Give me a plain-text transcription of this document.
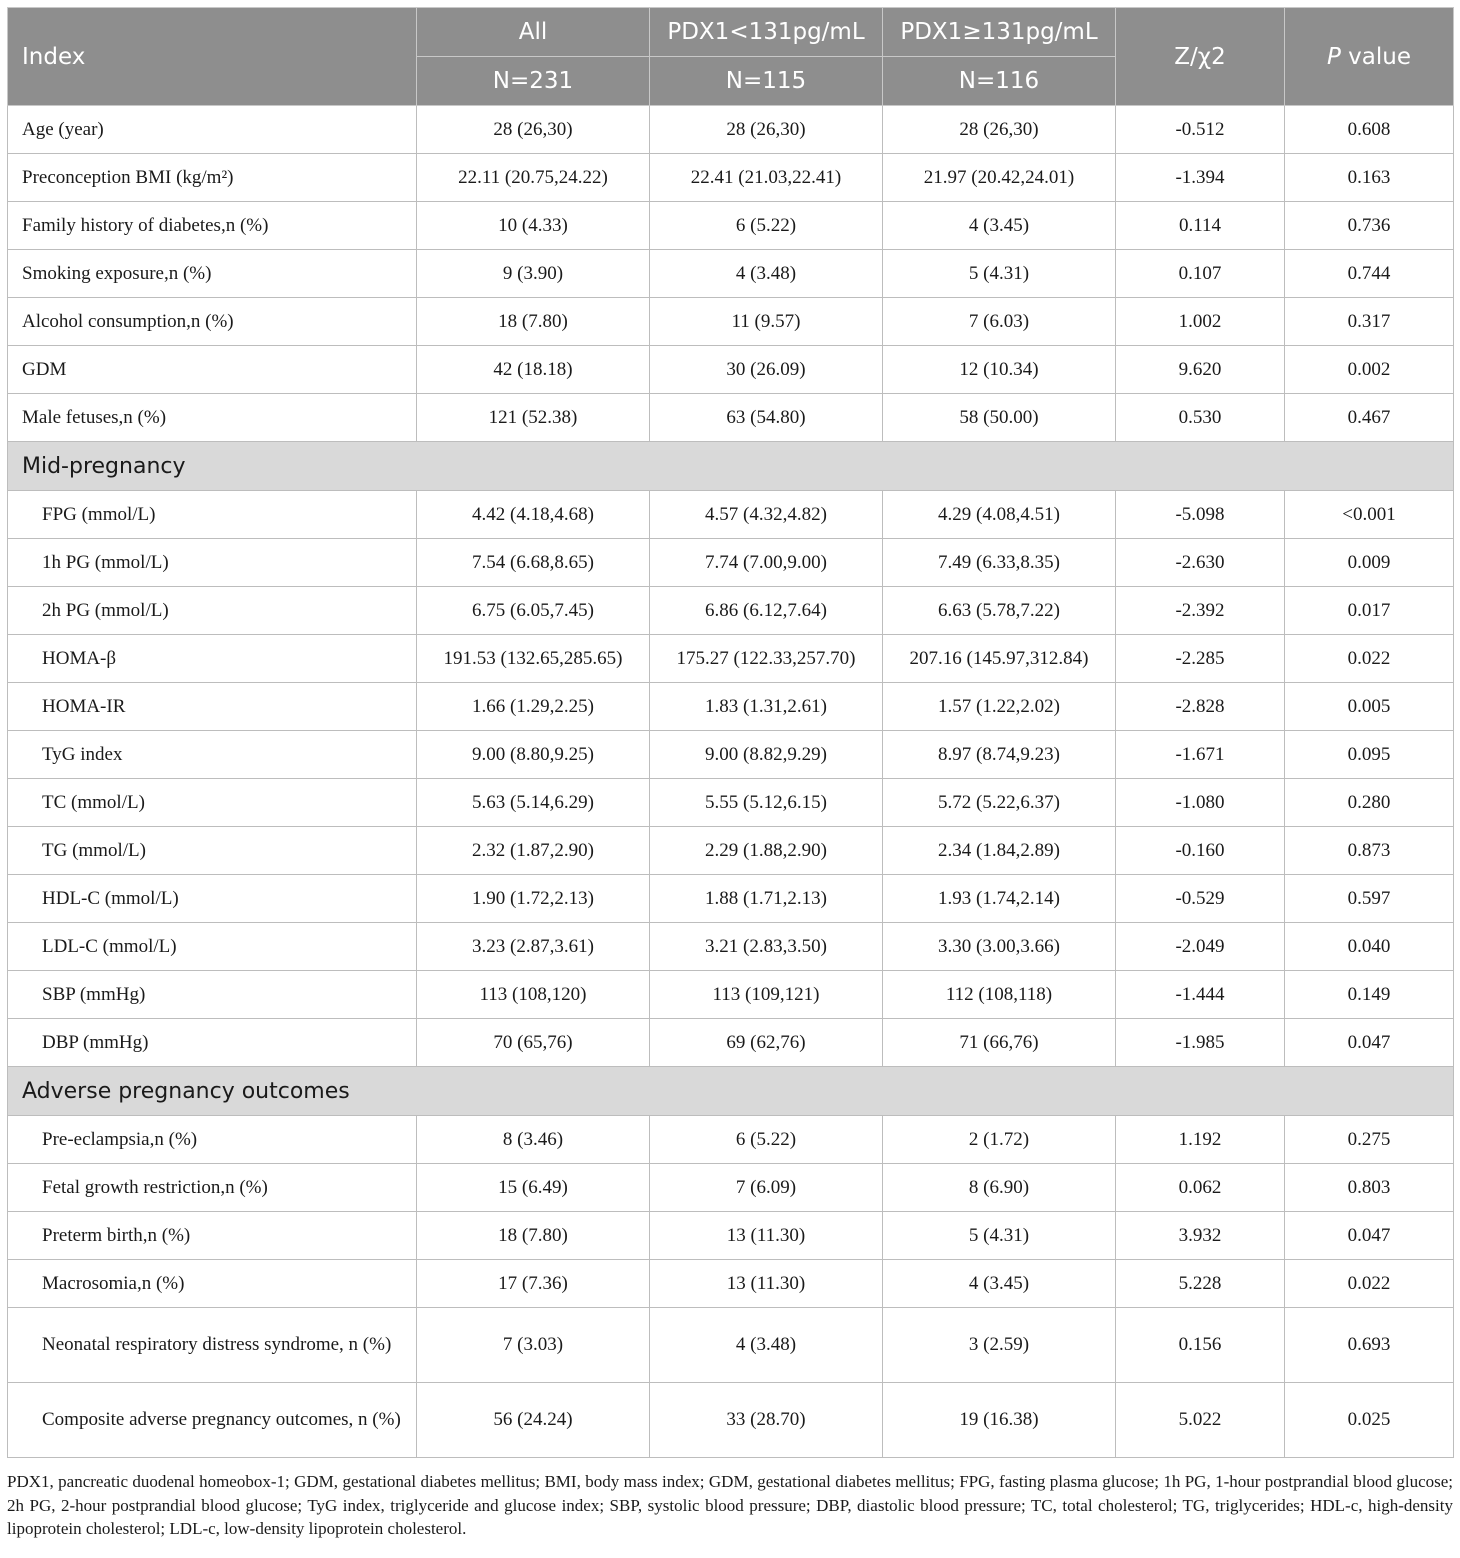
Index	All	PDX1<131pg/mL	PDX1≥131pg/mL	Z/χ2	P value
	N=231	N=115	N=116		
Age (year)	28 (26,30)	28 (26,30)	28 (26,30)	-0.512	0.608
Preconception BMI (kg/m²)	22.11 (20.75,24.22)	22.41 (21.03,22.41)	21.97 (20.42,24.01)	-1.394	0.163
Family history of diabetes,n (%)	10 (4.33)	6 (5.22)	4 (3.45)	0.114	0.736
Smoking exposure,n (%)	9 (3.90)	4 (3.48)	5 (4.31)	0.107	0.744
Alcohol consumption,n (%)	18 (7.80)	11 (9.57)	7 (6.03)	1.002	0.317
GDM	42 (18.18)	30 (26.09)	12 (10.34)	9.620	0.002
Male fetuses,n (%)	121 (52.38)	63 (54.80)	58 (50.00)	0.530	0.467
Mid-pregnancy					
FPG (mmol/L)	4.42 (4.18,4.68)	4.57 (4.32,4.82)	4.29 (4.08,4.51)	-5.098	<0.001
1h PG (mmol/L)	7.54 (6.68,8.65)	7.74 (7.00,9.00)	7.49 (6.33,8.35)	-2.630	0.009
2h PG (mmol/L)	6.75 (6.05,7.45)	6.86 (6.12,7.64)	6.63 (5.78,7.22)	-2.392	0.017
HOMA-β	191.53 (132.65,285.65)	175.27 (122.33,257.70)	207.16 (145.97,312.84)	-2.285	0.022
HOMA-IR	1.66 (1.29,2.25)	1.83 (1.31,2.61)	1.57 (1.22,2.02)	-2.828	0.005
TyG index	9.00 (8.80,9.25)	9.00 (8.82,9.29)	8.97 (8.74,9.23)	-1.671	0.095
TC (mmol/L)	5.63 (5.14,6.29)	5.55 (5.12,6.15)	5.72 (5.22,6.37)	-1.080	0.280
TG (mmol/L)	2.32 (1.87,2.90)	2.29 (1.88,2.90)	2.34 (1.84,2.89)	-0.160	0.873
HDL-C (mmol/L)	1.90 (1.72,2.13)	1.88 (1.71,2.13)	1.93 (1.74,2.14)	-0.529	0.597
LDL-C (mmol/L)	3.23 (2.87,3.61)	3.21 (2.83,3.50)	3.30 (3.00,3.66)	-2.049	0.040
SBP (mmHg)	113 (108,120)	113 (109,121)	112 (108,118)	-1.444	0.149
DBP (mmHg)	70 (65,76)	69 (62,76)	71 (66,76)	-1.985	0.047
Adverse pregnancy outcomes					
Pre-eclampsia,n (%)	8 (3.46)	6 (5.22)	2 (1.72)	1.192	0.275
Fetal growth restriction,n (%)	15 (6.49)	7 (6.09)	8 (6.90)	0.062	0.803
Preterm birth,n (%)	18 (7.80)	13 (11.30)	5 (4.31)	3.932	0.047
Macrosomia,n (%)	17 (7.36)	13 (11.30)	4 (3.45)	5.228	0.022
Neonatal respiratory distress syndrome, n (%)	7 (3.03)	4 (3.48)	3 (2.59)	0.156	0.693
Composite adverse pregnancy outcomes, n (%)	56 (24.24)	33 (28.70)	19 (16.38)	5.022	0.025
PDX1, pancreatic duodenal homeobox-1; GDM, gestational diabetes mellitus; BMI, body mass index; GDM, gestational diabetes mellitus; FPG, fasting plasma glucose; 1h PG, 1-hour postprandial blood glucose; 2h PG, 2-hour postprandial blood glucose; TyG index, triglyceride and glucose index; SBP, systolic blood pressure; DBP, diastolic blood pressure; TC, total cholesterol; TG, triglycerides; HDL-c, high-density lipoprotein cholesterol; LDL-c, low-density lipoprotein cholesterol.
